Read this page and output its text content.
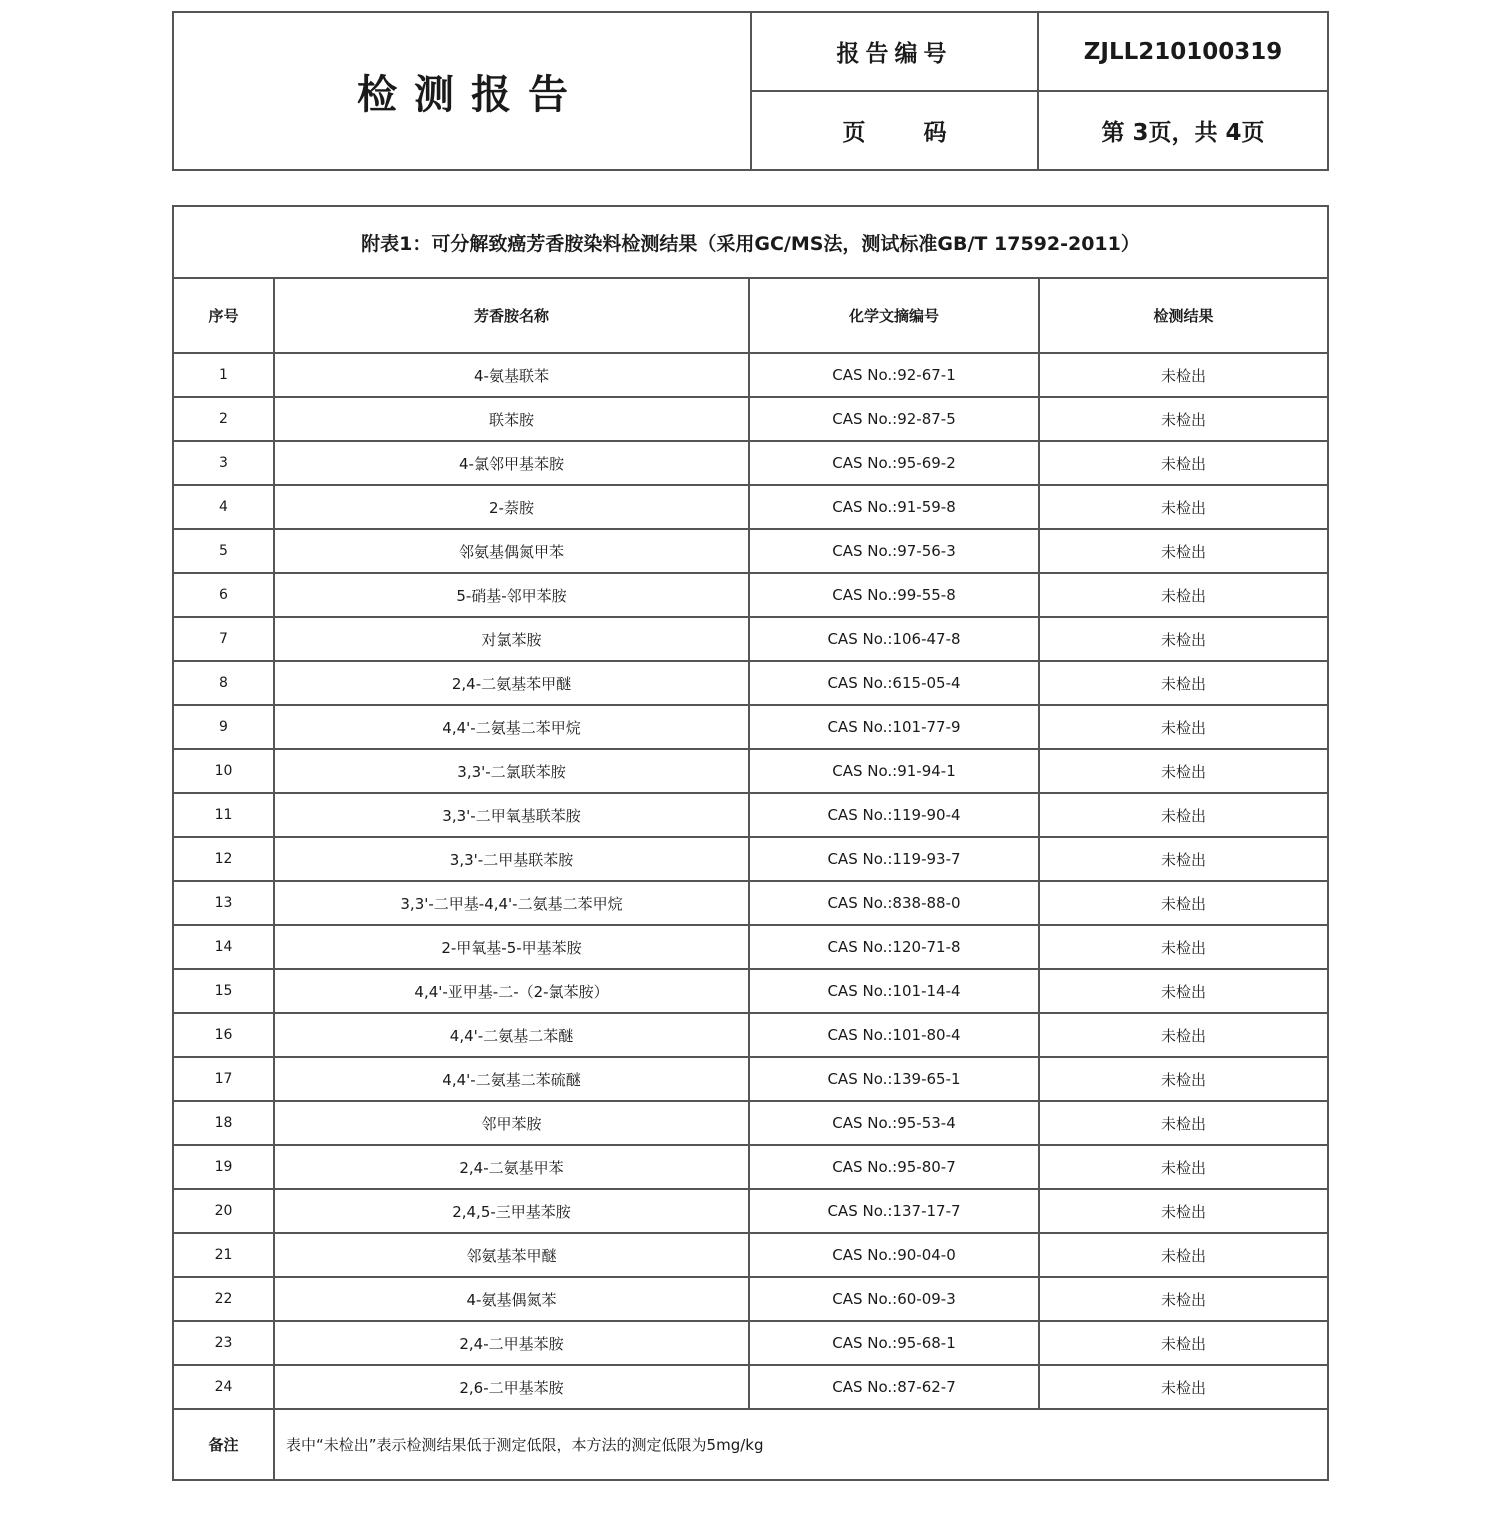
检测报告	报告编号	ZJLL210100319
	页码	第 3页，共 4页
附表1：可分解致癌芳香胺染料检测结果（采用GC/MS法，测试标准GB/T 17592-2011）			
序号	芳香胺名称	化学文摘编号	检测结果
1	4-氨基联苯	CAS No.:92-67-1	未检出
2	联苯胺	CAS No.:92-87-5	未检出
3	4-氯邻甲基苯胺	CAS No.:95-69-2	未检出
4	2-萘胺	CAS No.:91-59-8	未检出
5	邻氨基偶氮甲苯	CAS No.:97-56-3	未检出
6	5-硝基-邻甲苯胺	CAS No.:99-55-8	未检出
7	对氯苯胺	CAS No.:106-47-8	未检出
8	2,4-二氨基苯甲醚	CAS No.:615-05-4	未检出
9	4,4'-二氨基二苯甲烷	CAS No.:101-77-9	未检出
10	3,3'-二氯联苯胺	CAS No.:91-94-1	未检出
11	3,3'-二甲氧基联苯胺	CAS No.:119-90-4	未检出
12	3,3'-二甲基联苯胺	CAS No.:119-93-7	未检出
13	3,3'-二甲基-4,4'-二氨基二苯甲烷	CAS No.:838-88-0	未检出
14	2-甲氧基-5-甲基苯胺	CAS No.:120-71-8	未检出
15	4,4'-亚甲基-二-（2-氯苯胺）	CAS No.:101-14-4	未检出
16	4,4'-二氨基二苯醚	CAS No.:101-80-4	未检出
17	4,4'-二氨基二苯硫醚	CAS No.:139-65-1	未检出
18	邻甲苯胺	CAS No.:95-53-4	未检出
19	2,4-二氨基甲苯	CAS No.:95-80-7	未检出
20	2,4,5-三甲基苯胺	CAS No.:137-17-7	未检出
21	邻氨基苯甲醚	CAS No.:90-04-0	未检出
22	4-氨基偶氮苯	CAS No.:60-09-3	未检出
23	2,4-二甲基苯胺	CAS No.:95-68-1	未检出
24	2,6-二甲基苯胺	CAS No.:87-62-7	未检出
备注	表中“未检出”表示检测结果低于测定低限，本方法的测定低限为5mg/kg		
